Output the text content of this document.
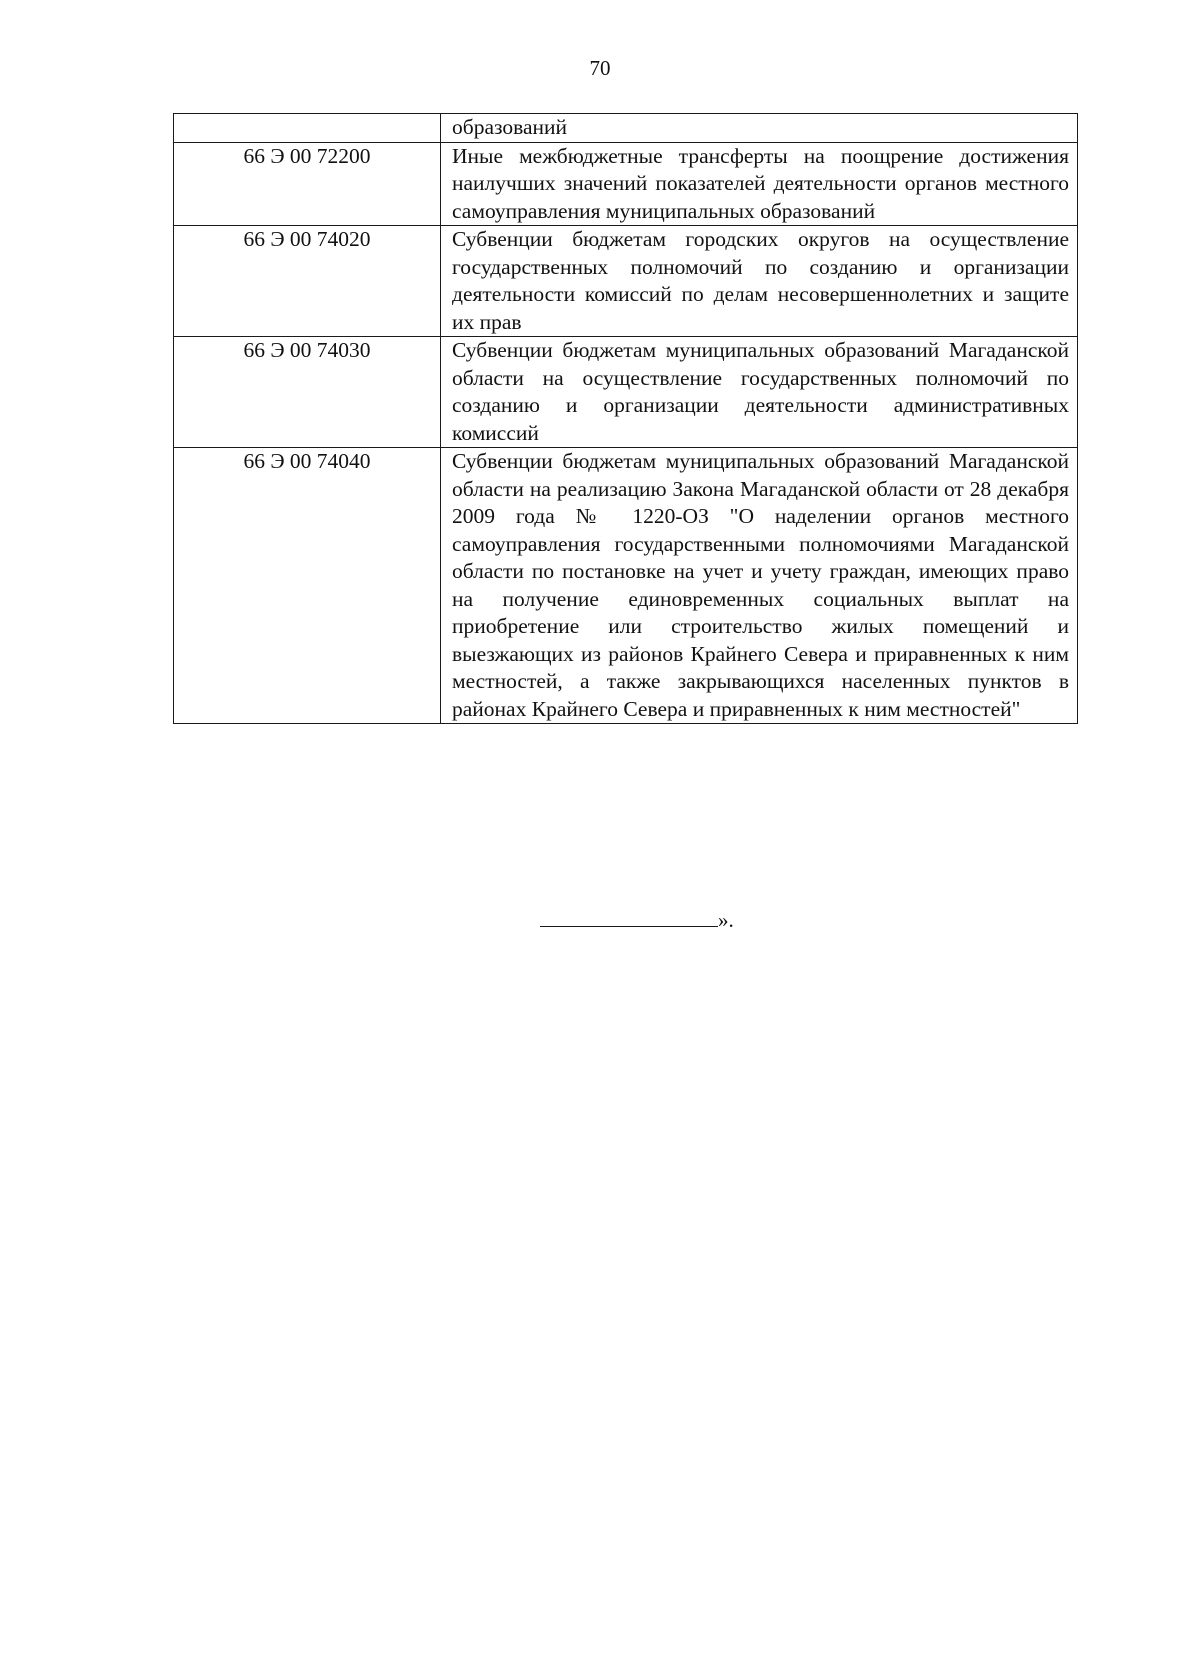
70
	образований
66 Э 00 72200	Иные межбюджетные трансферты на поощрение достижения наилучших значений показателей деятельности органов местного самоуправления муниципальных образований
66 Э 00 74020	Субвенции бюджетам городских округов на осуществление государственных полномочий по созданию и организации деятельности комиссий по делам несовершеннолетних и защите их прав
66 Э 00 74030	Субвенции бюджетам муниципальных образований Магаданской области на осуществление государственных полномочий по созданию и организации деятельности административных комиссий
66 Э 00 74040	Субвенции бюджетам муниципальных образований Магаданской области на реализацию Закона Магаданской области от 28 декабря 2009 года № 1220-ОЗ "О наделении органов местного самоуправления государственными полномочиями Магаданской области по постановке на учет и учету граждан, имеющих право на получение единовременных социальных выплат на приобретение или строительство жилых помещений и выезжающих из районов Крайнего Севера и приравненных к ним местностей, а также закрывающихся населенных пунктов в районах Крайнего Севера и приравненных к ним местностей"
».
